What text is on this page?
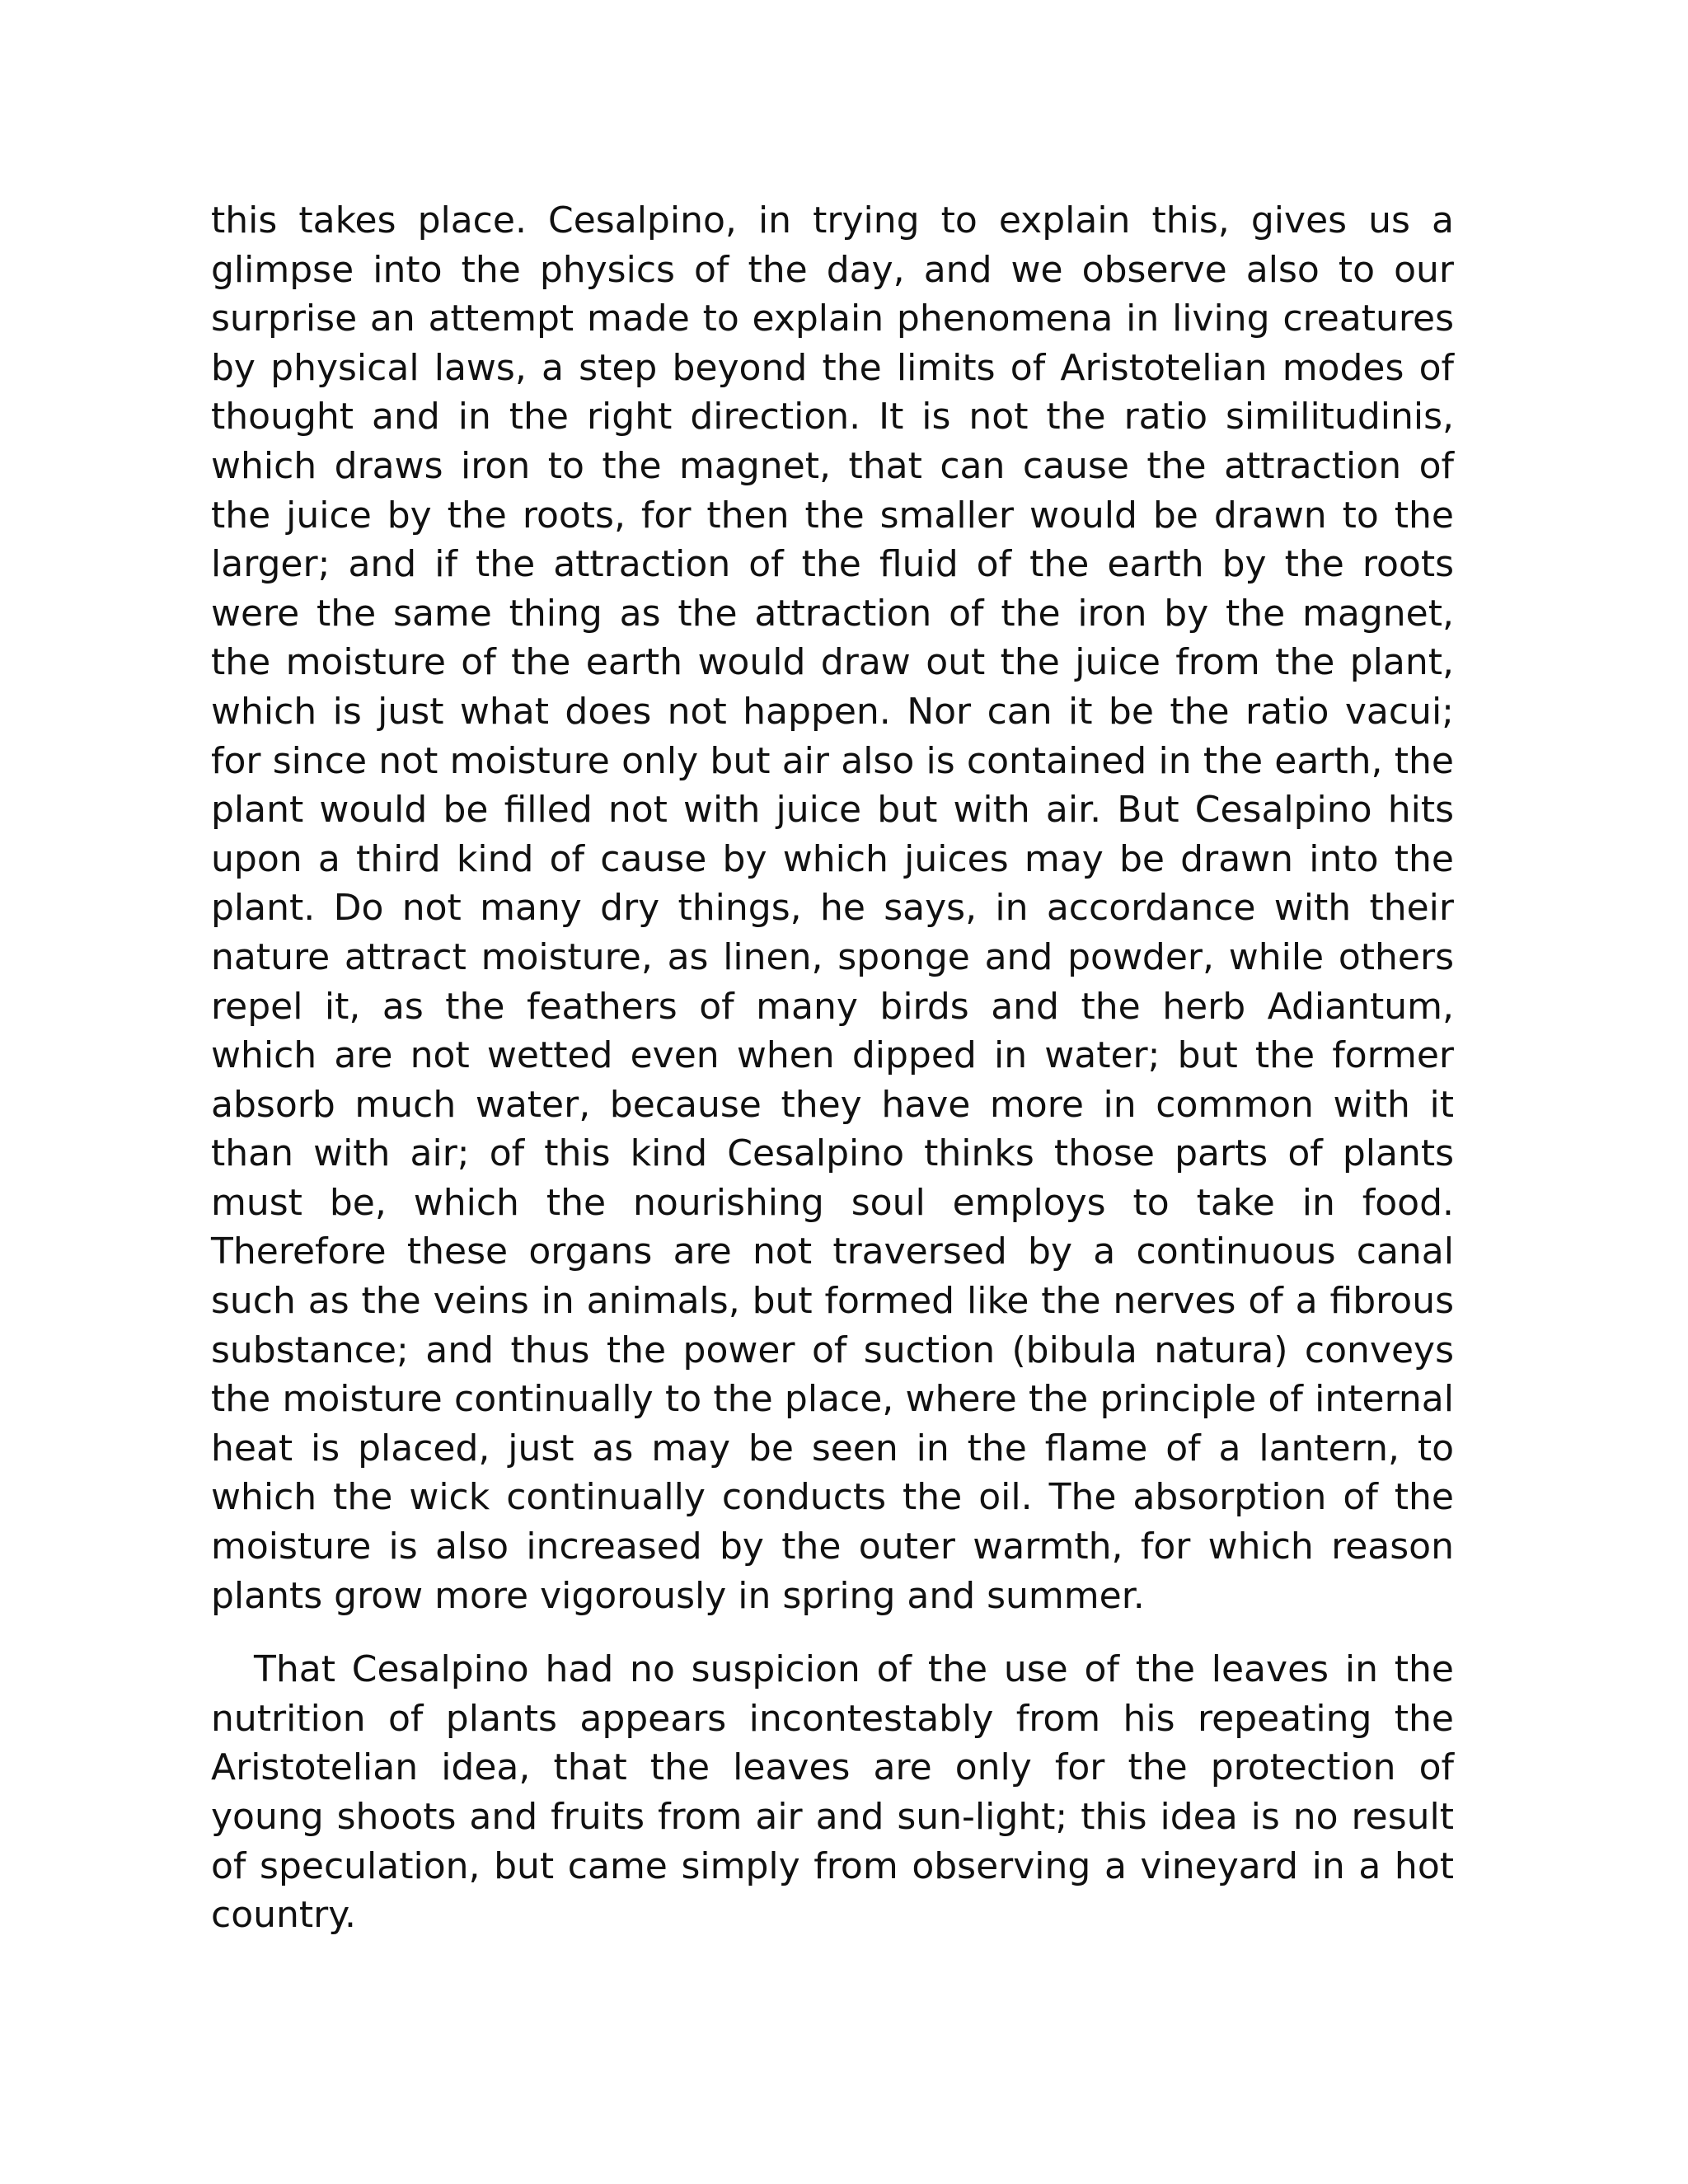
this takes place. Cesalpino, in trying to explain this, gives us a glimpse into the physics of the day, and we observe also to our surprise an attempt made to explain phenomena in living creatures by physical laws, a step beyond the limits of Aristotelian modes of thought and in the right direction. It is not the ratio similitudinis, which draws iron to the magnet, that can cause the attraction of the juice by the roots, for then the smaller would be drawn to the larger; and if the attraction of the fluid of the earth by the roots were the same thing as the attraction of the iron by the magnet, the moisture of the earth would draw out the juice from the plant, which is just what does not happen. Nor can it be the ratio vacui; for since not moisture only but air also is contained in the earth, the plant would be filled not with juice but with air. But Cesalpino hits upon a third kind of cause by which juices may be drawn into the plant. Do not many dry things, he says, in accordance with their nature attract moisture, as linen, sponge and powder, while others repel it, as the feathers of many birds and the herb Adiantum, which are not wetted even when dipped in water; but the former absorb much water, because they have more in common with it than with air; of this kind Cesalpino thinks those parts of plants must be, which the nourishing soul employs to take in food. Therefore these organs are not traversed by a continuous canal such as the veins in animals, but formed like the nerves of a fibrous substance; and thus the power of suction (bibula natura) conveys the moisture continually to the place, where the principle of internal heat is placed, just as may be seen in the flame of a lantern, to which the wick continually conducts the oil. The absorption of the moisture is also increased by the outer warmth, for which reason plants grow more vigorously in spring and summer.

That Cesalpino had no suspicion of the use of the leaves in the nutrition of plants appears incontestably from his repeating the Aristotelian idea, that the leaves are only for the protection of young shoots and fruits from air and sun-light; this idea is no result of speculation, but came simply from observing a vineyard in a hot country.
